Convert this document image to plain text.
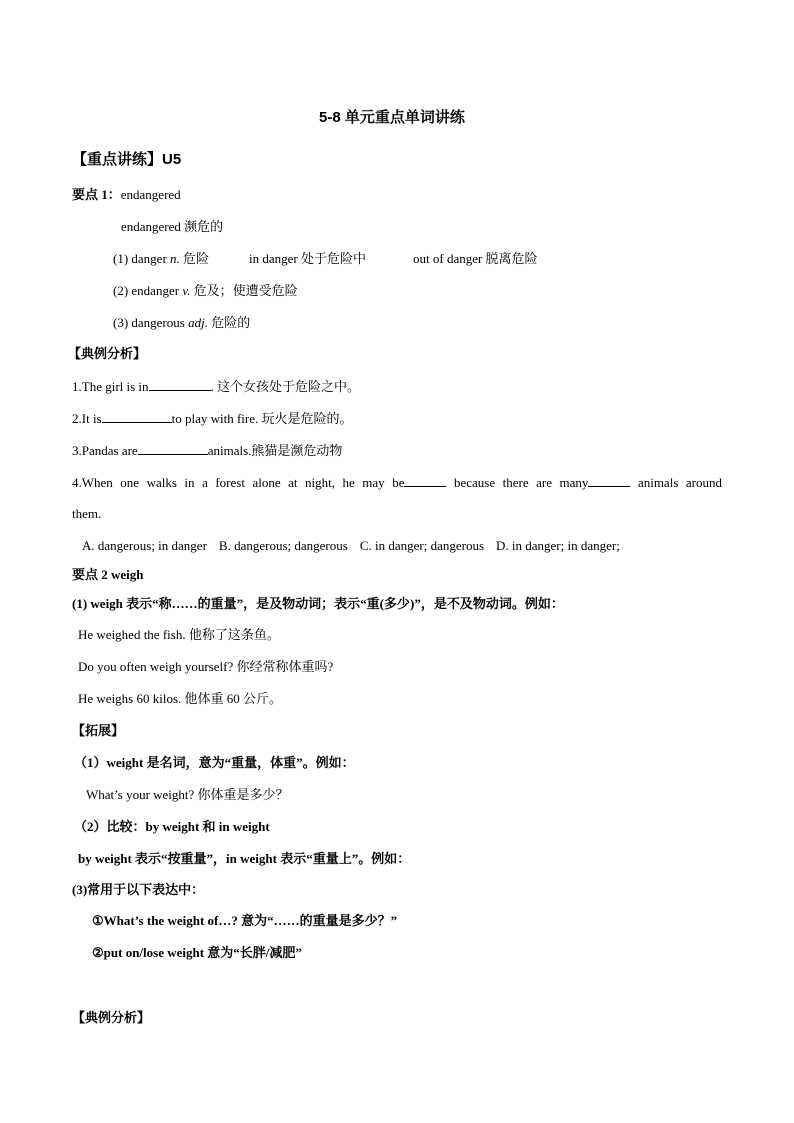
5-8 单元重点单词讲练
【重点讲练】U5
要点 1：endangered
endangered 濒危的
(1) danger n. 危险	in danger 处于危险中	out of danger 脱离危险
(2) endanger v. 危及；使遭受危险
(3) dangerous adj. 危险的
【典例分析】
1.The girl is in	. 这个女孩处于危险之中。
2.It is	to play with fire. 玩火是危险的。
3.Pandas are	animals.熊猫是濒危动物
4.When one walks in a forest alone at night, he may be	because there are many	animals around
them.
A. dangerous; in danger B. dangerous; dangerous C. in danger; dangerous D. in danger; in danger;
要点 2 weigh
(1) weigh 表示“称……的重量”，是及物动词；表示“重(多少)”，是不及物动词。例如：
He weighed the fish. 他称了这条鱼。
Do you often weigh yourself? 你经常称体重吗?
He weighs 60 kilos. 他体重 60 公斤。
【拓展】
（1）weight 是名词，意为“重量，体重”。例如：
What’s your weight? 你体重是多少？
（2）比较：by weight 和 in weight
by weight 表示“按重量”，in weight 表示“重量上”。例如：
(3)常用于以下表达中：
①What’s the weight of…? 意为“……的重量是多少？”
②put on/lose weight 意为“长胖/减肥”
【典例分析】
